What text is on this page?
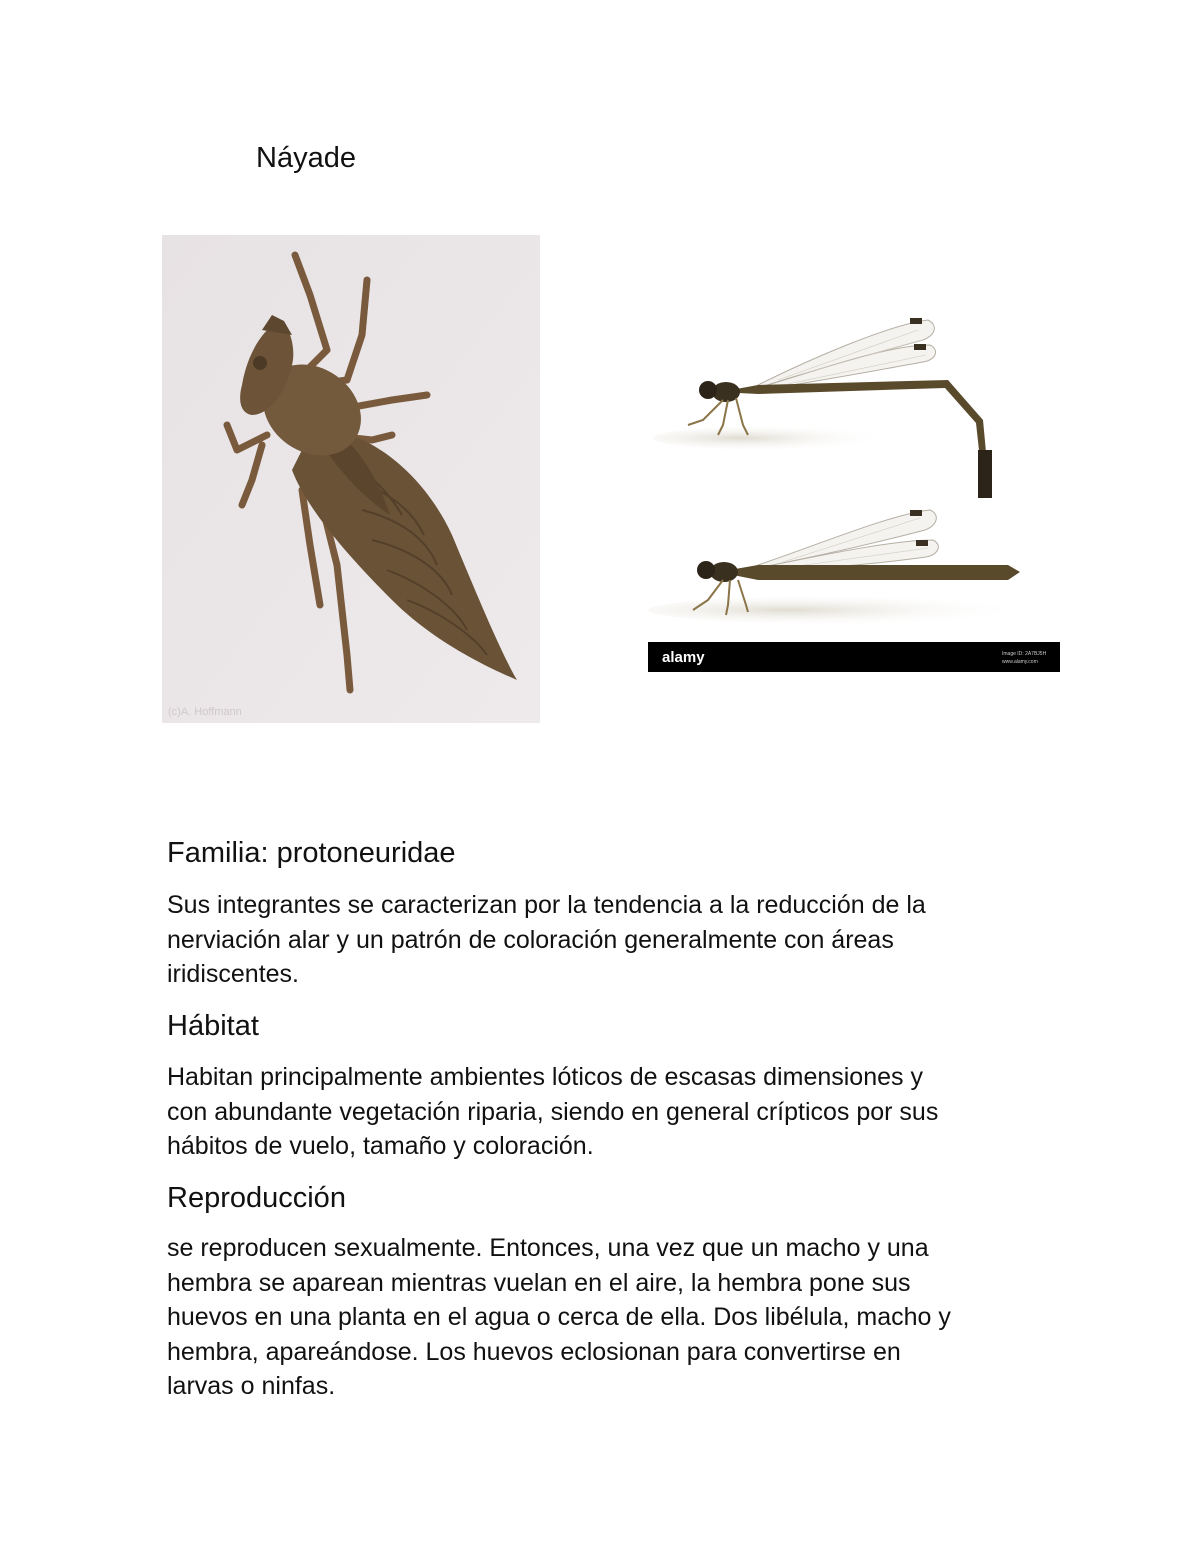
Náyade
(c)A. Hoffmann
alamy	Image ID: 2A7BJ5H
www.alamy.com
Familia: protoneuridae

Sus integrantes se caracterizan por la tendencia a la reducción de la
nerviación alar y un patrón de coloración generalmente con áreas
iridiscentes.

Hábitat

Habitan principalmente ambientes lóticos de escasas dimensiones y
con abundante vegetación riparia, siendo en general crípticos por sus
hábitos de vuelo, tamaño y coloración.

Reproducción

se reproducen sexualmente. Entonces, una vez que un macho y una
hembra se aparean mientras vuelan en el aire, la hembra pone sus
huevos en una planta en el agua o cerca de ella. Dos libélula, macho y
hembra, apareándose. Los huevos eclosionan para convertirse en
larvas o ninfas.
